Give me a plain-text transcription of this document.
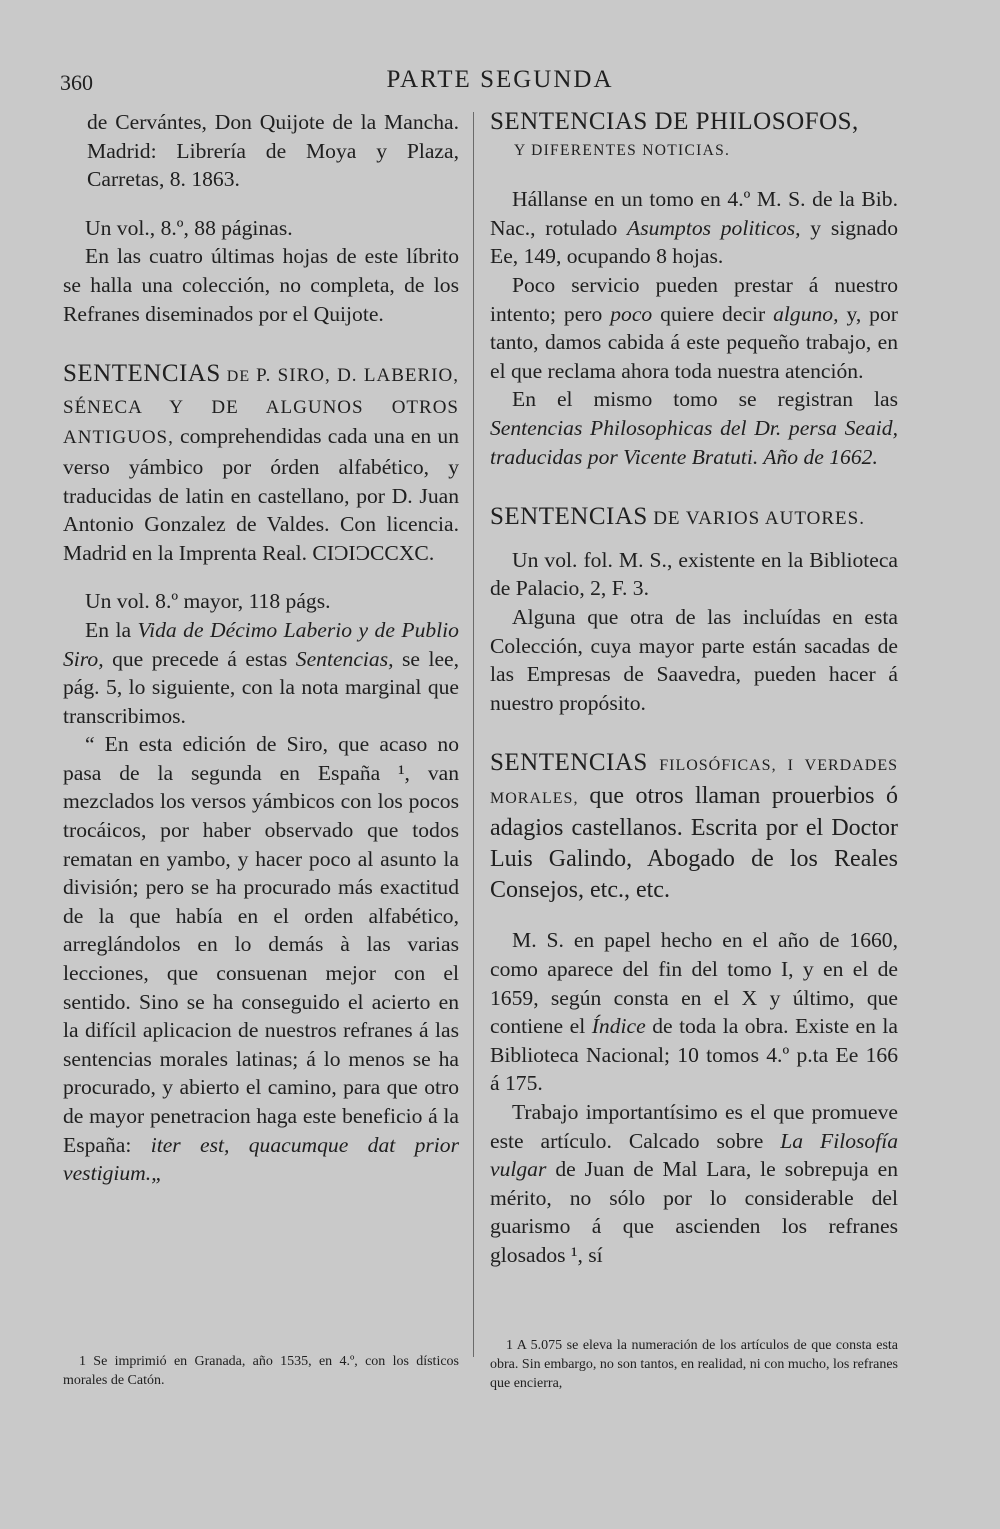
360	PARTE SEGUNDA

de Cervántes, Don Quijote de la Mancha. Madrid: Librería de Moya y Plaza, Carretas, 8. 1863.

Un vol., 8.º, 88 páginas.

En las cuatro últimas hojas de este líbrito se halla una colección, no completa, de los Refranes diseminados por el Quijote.

SENTENCIAS DE P. SIRO, D. LABERIO, SÉNECA Y DE ALGUNOS OTROS ANTIGUOS, comprehendidas cada una en un verso yámbico por órden alfabético, y traducidas de latin en castellano, por D. Juan Antonio Gonzalez de Valdes. Con licencia. Madrid en la Imprenta Real. CIƆIƆCCXC.

Un vol. 8.º mayor, 118 págs.

En la Vida de Décimo Laberio y de Publio Siro, que precede á estas Sentencias, se lee, pág. 5, lo siguiente, con la nota marginal que transcribimos.

“ En esta edición de Siro, que acaso no pasa de la segunda en España ¹, van mezclados los versos yámbicos con los pocos trocáicos, por haber observado que todos rematan en yambo, y hacer poco al asunto la división; pero se ha procurado más exactitud de la que había en el orden alfabético, arreglándolos en lo demás à las varias lecciones, que consuenan mejor con el sentido. Sino se ha conseguido el acierto en la difícil aplicacion de nuestros refranes á las sentencias morales latinas; á lo menos se ha procurado, y abierto el camino, para que otro de mayor penetracion haga este beneficio á la España: iter est, quacumque dat prior vestigium.„

1 Se imprimió en Granada, año 1535, en 4.º, con los dísticos morales de Catón.

SENTENCIAS DE PHILOSOFOS,

Y DIFERENTES NOTICIAS.

Hállanse en un tomo en 4.º M. S. de la Bib. Nac., rotulado Asumptos politicos, y signado Ee, 149, ocupando 8 hojas.

Poco servicio pueden prestar á nuestro intento; pero poco quiere decir alguno, y, por tanto, damos cabida á este pequeño trabajo, en el que reclama ahora toda nuestra atención.

En el mismo tomo se registran las Sentencias Philosophicas del Dr. persa Seaid, traducidas por Vicente Bratuti. Año de 1662.

SENTENCIAS DE VARIOS AUTORES.

Un vol. fol. M. S., existente en la Biblioteca de Palacio, 2, F. 3.

Alguna que otra de las incluídas en esta Colección, cuya mayor parte están sacadas de las Empresas de Saavedra, pueden hacer á nuestro propósito.

SENTENCIAS FILOSÓFICAS, I VERDADES MORALES, que otros llaman prouerbios ó adagios castellanos. Escrita por el Doctor Luis Galindo, Abogado de los Reales Consejos, etc., etc.

M. S. en papel hecho en el año de 1660, como aparece del fin del tomo I, y en el de 1659, según consta en el X y último, que contiene el Índice de toda la obra. Existe en la Biblioteca Nacional; 10 tomos 4.º p.ta Ee 166 á 175.

Trabajo importantísimo es el que promueve este artículo. Calcado sobre La Filosofía vulgar de Juan de Mal Lara, le sobrepuja en mérito, no sólo por lo considerable del guarismo á que ascienden los refranes glosados ¹, sí

1 A 5.075 se eleva la numeración de los artículos de que consta esta obra. Sin embargo, no son tantos, en realidad, ni con mucho, los refranes que encierra,
